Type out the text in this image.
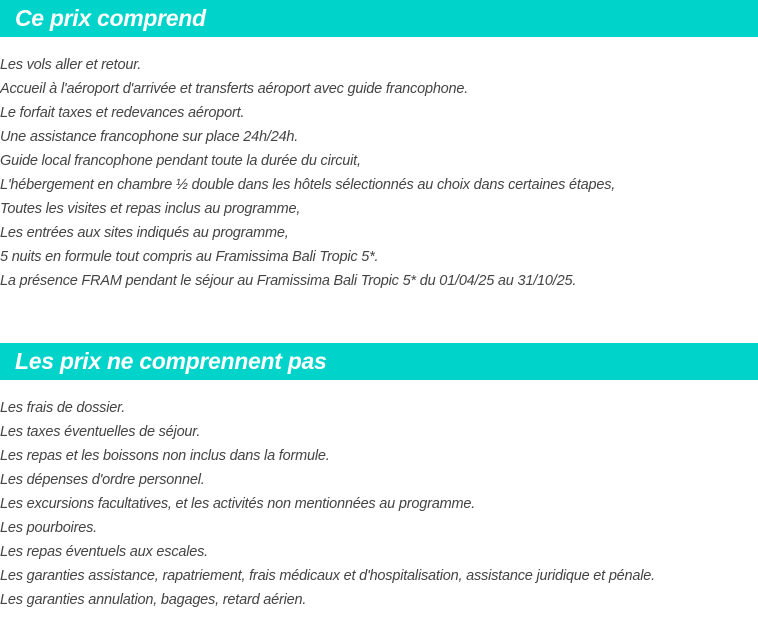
Ce prix comprend
Les vols aller et retour.
Accueil à l'aéroport d'arrivée et transferts aéroport avec guide francophone.
Le forfait taxes et redevances aéroport.
Une assistance francophone sur place 24h/24h.
Guide local francophone pendant toute la durée du circuit,
L'hébergement en chambre ½ double dans les hôtels sélectionnés au choix dans certaines étapes,
Toutes les visites et repas inclus au programme,
Les entrées aux sites indiqués au programme,
5 nuits en formule tout compris au Framissima Bali Tropic 5*.
La présence FRAM pendant le séjour au Framissima Bali Tropic 5* du 01/04/25 au 31/10/25.
Les prix ne comprennent pas
Les frais de dossier.
Les taxes éventuelles de séjour.
Les repas et les boissons non inclus dans la formule.
Les dépenses d'ordre personnel.
Les excursions facultatives, et les activités non mentionnées au programme.
Les pourboires.
Les repas éventuels aux escales.
Les garanties assistance, rapatriement, frais médicaux et d'hospitalisation, assistance juridique et pénale.
Les garanties annulation, bagages, retard aérien.
